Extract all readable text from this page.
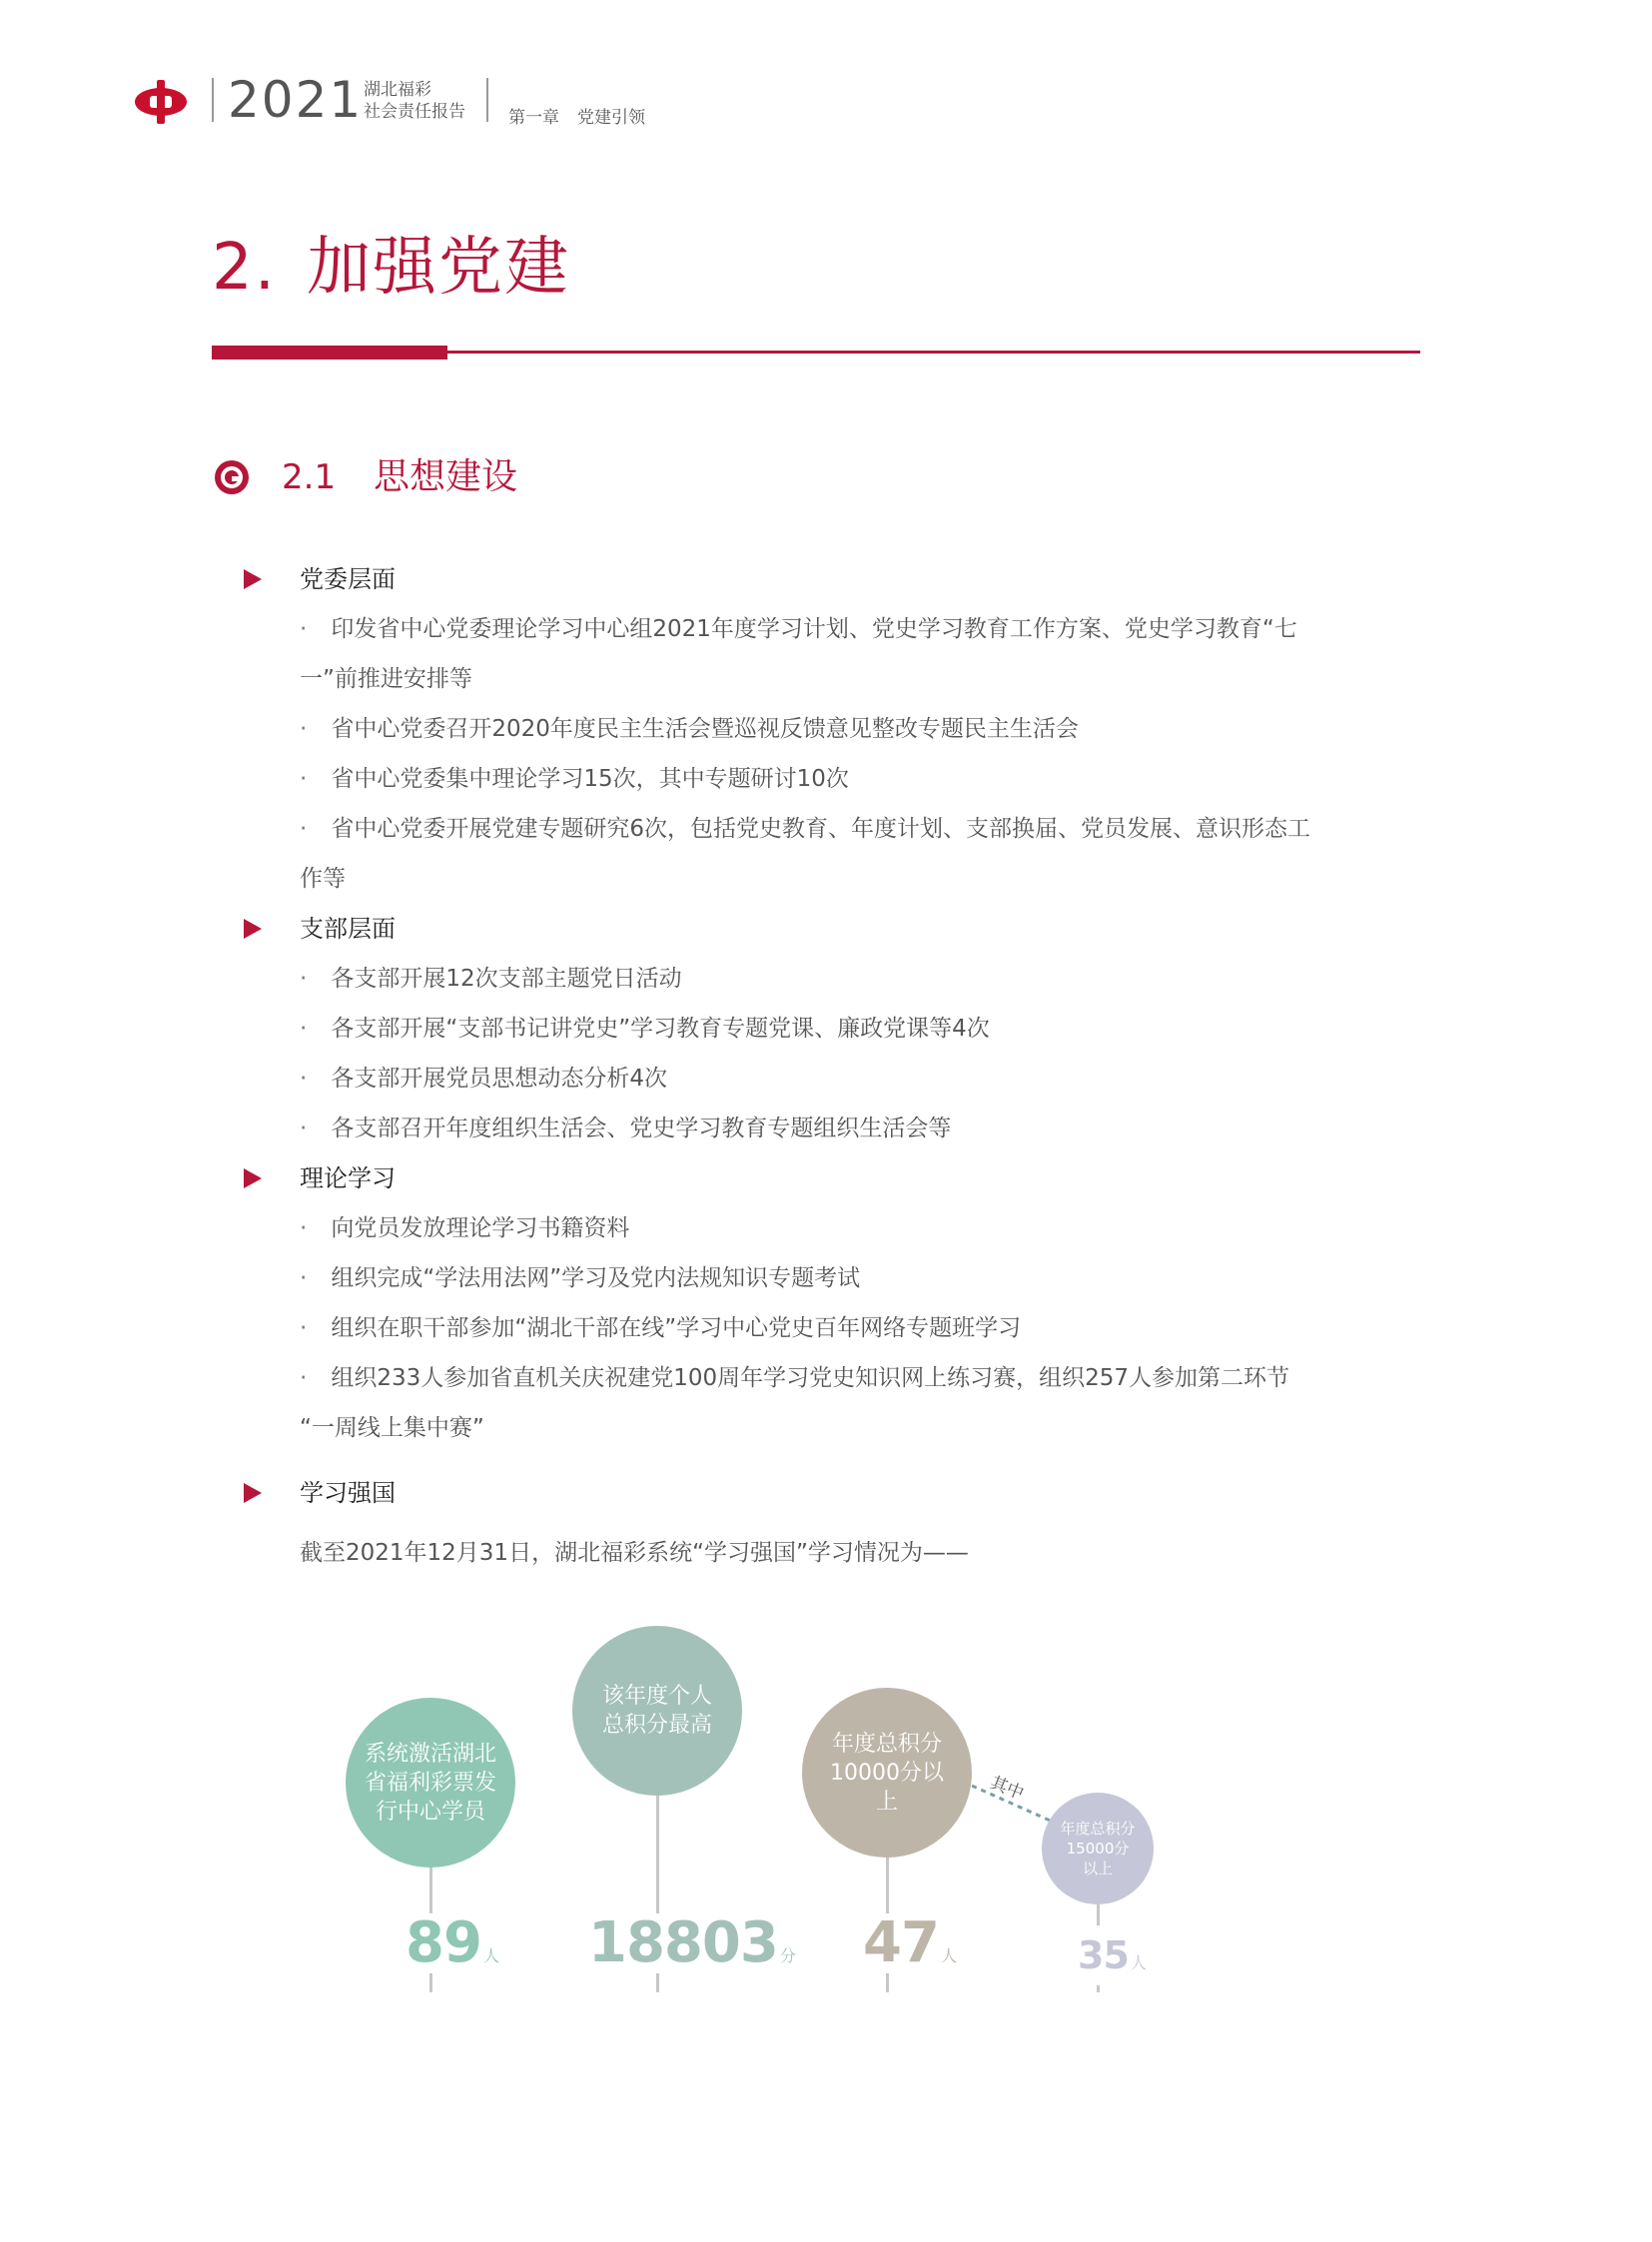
2021 湖北福彩
社会责任报告	第一章 党建引领
2. 加强党建
2.1 思想建设
党委层面
· 印发省中心党委理论学习中心组2021年度学习计划、党史学习教育工作方案、党史学习教育“七
一”前推进安排等
· 省中心党委召开2020年度民主生活会暨巡视反馈意见整改专题民主生活会
· 省中心党委集中理论学习15次，其中专题研讨10次
· 省中心党委开展党建专题研究6次，包括党史教育、年度计划、支部换届、党员发展、意识形态工
作等
支部层面
· 各支部开展12次支部主题党日活动
· 各支部开展“支部书记讲党史”学习教育专题党课、廉政党课等4次
· 各支部开展党员思想动态分析4次
· 各支部召开年度组织生活会、党史学习教育专题组织生活会等
理论学习
· 向党员发放理论学习书籍资料
· 组织完成“学法用法网”学习及党内法规知识专题考试
· 组织在职干部参加“湖北干部在线”学习中心党史百年网络专题班学习
· 组织233人参加省直机关庆祝建党100周年学习党史知识网上练习赛，组织257人参加第二环节
“一周线上集中赛”
学习强国
截至2021年12月31日，湖北福彩系统“学习强国”学习情况为——
其中
系统激活湖北省福利彩票发行中心学员
该年度个人总积分最高
年度总积分10000分以上
年度总积分15000分以上
89 人 18803 分 47 人	35 人
